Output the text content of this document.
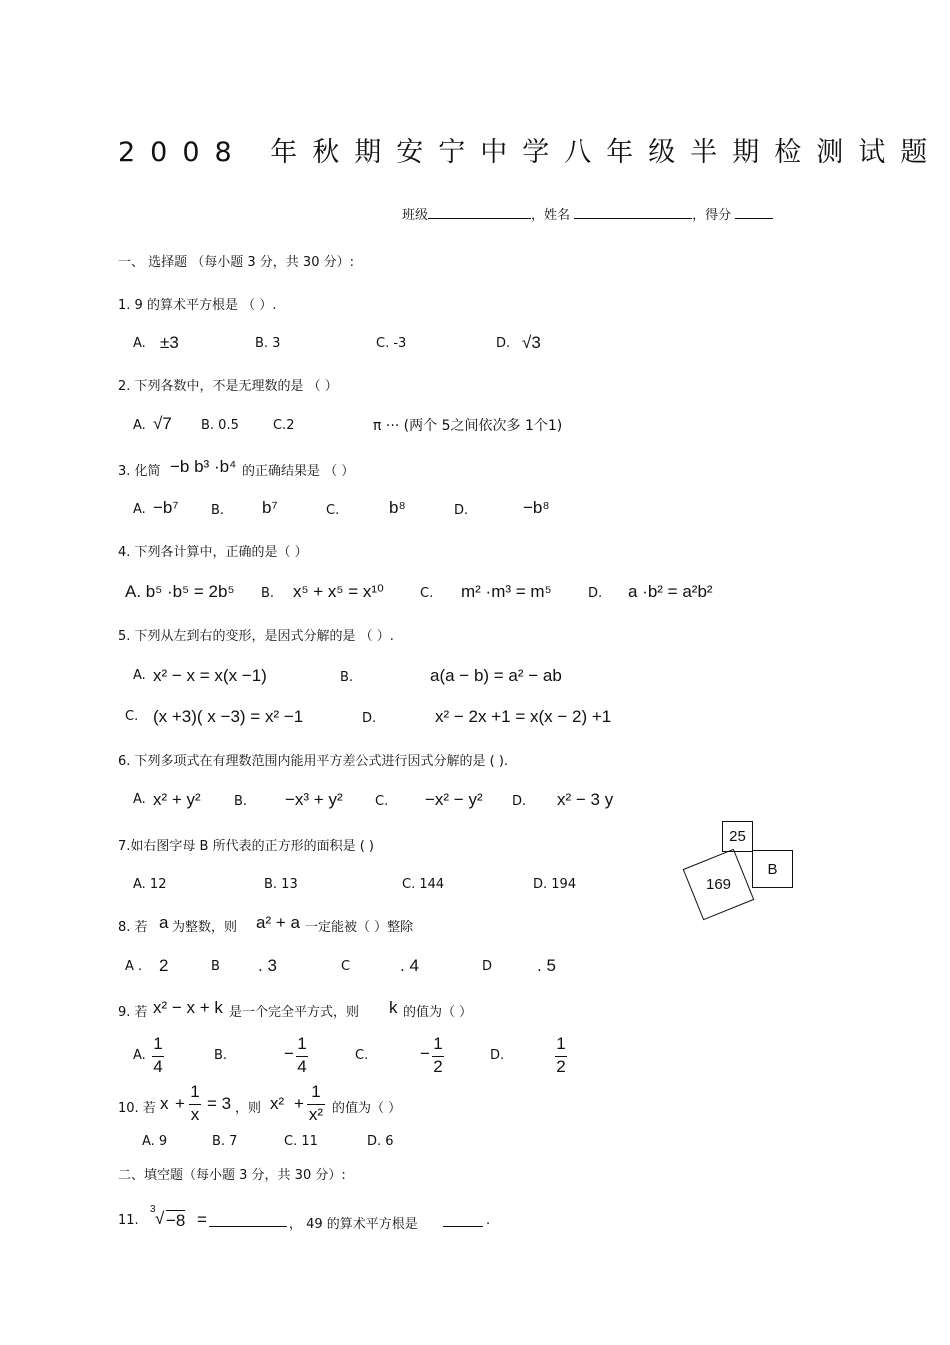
2008 年秋期安宁中学八年级半期检测试题
班级	，姓名	，得分
一、 选择题 （每小题 3 分，共 30 分）:
1. 9 的算术平方根是 （ ）.
A. ±3	B. 3	C. -3	D. √3
2. 下列各数中，不是无理数的是 （ ）
A. √7 B. 0.5	C.2	π ··· (两个 5之间依次多 1个1)
3. 化简 −b b³ ·b⁴ 的正确结果是 （ ）
A. −b⁷ B. b⁷	C.	b⁸	D.	−b⁸
4. 下列各计算中，正确的是（ ）
A. b⁵ ·b⁵ = 2b⁵ B. x⁵ + x⁵ = x¹⁰	C. m² ·m³ = m⁵	D. a ·b² = a²b²
5. 下列从左到右的变形，是因式分解的是 （ ）.
A. x² − x = x(x −1)	B.	a(a − b) = a² − ab
C. (x +3)( x −3) = x² −1	D.	x² − 2x +1 = x(x − 2) +1
6. 下列多项式在有理数范围内能用平方差公式进行因式分解的是 ( ).
A. x² + y²	B. −x³ + y² C. −x² − y² D. x² − 3 y
7.如右图字母 B 所代表的正方形的面积是 ( )
A. 12	B. 13	C. 144	D. 194
25
B
169
8. 若 a 为整数，则 a² + a 一定能被（ ）整除
A . 2	B . 3	C	. 4	D	. 5
9. 若 x² − x + k 是一个完全平方式，则 k 的值为（ ）
A. $\frac{1}{4}$	B.	− $\frac{1}{4}$	C.	− $\frac{1}{2}$	D.	$\frac{1}{2}$
10. 若 $x + \frac{1}{x} = 3$ ，则 $x^2 + \frac{1}{\text{x²}}$ 的值为（ ）
A. 9	B. 7	C. 11	D. 6
二、填空题（每小题 3 分，共 30 分）:
11.
3 √ −8 =	， 49 的算术平方根是	.
